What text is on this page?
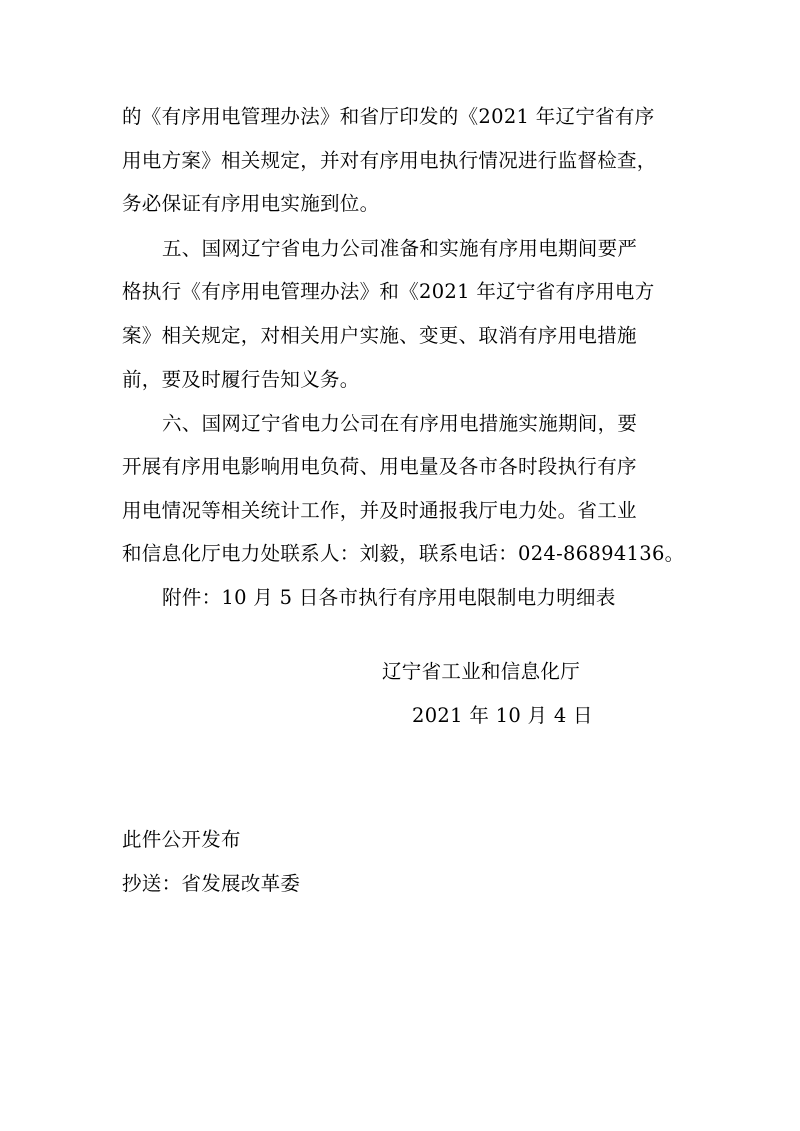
的《有序用电管理办法》和省厅印发的《2021 年辽宁省有序
用电方案》相关规定，并对有序用电执行情况进行监督检查，
务必保证有序用电实施到位。
五、国网辽宁省电力公司准备和实施有序用电期间要严
格执行《有序用电管理办法》和《2021 年辽宁省有序用电方
案》相关规定，对相关用户实施、变更、取消有序用电措施
前，要及时履行告知义务。
六、国网辽宁省电力公司在有序用电措施实施期间，要
开展有序用电影响用电负荷、用电量及各市各时段执行有序
用电情况等相关统计工作，并及时通报我厅电力处。省工业
和信息化厅电力处联系人：刘毅，联系电话：024-86894136。
附件：10 月 5 日各市执行有序用电限制电力明细表
辽宁省工业和信息化厅
2021 年 10 月 4 日
此件公开发布
抄送：省发展改革委
